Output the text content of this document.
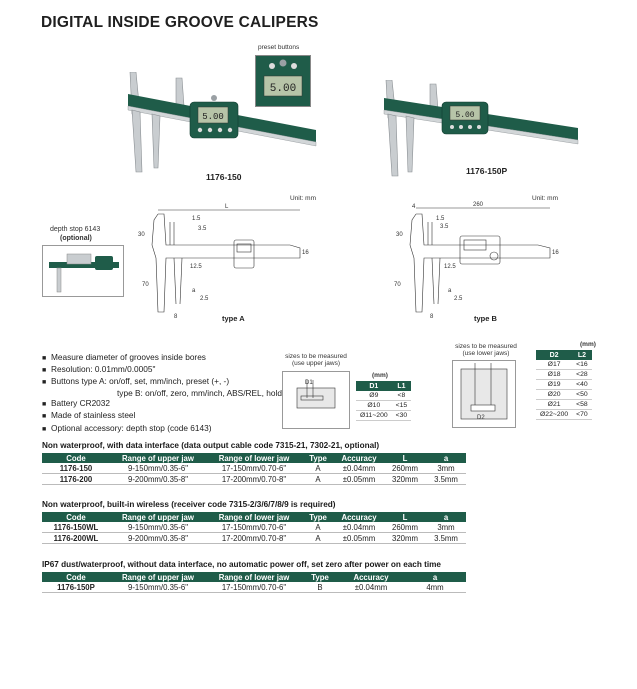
DIGITAL INSIDE GROOVE CALIPERS
5.00
preset buttons
5.00
1176-150
5.00
1176-150P
Unit: mm
L
30
1.5
3.5
16
12.5
70
a
2.5
8	type A
depth stop 6143
(optional)
Unit: mm
260
4
30
1.5
3.5
16
12.5
70
a
2.5
8	type B
■ Measure diameter of grooves inside bores
■ Resolution: 0.01mm/0.0005"
■ Buttons type A: on/off, set, mm/inch, preset (+, -)
type B: on/off, zero, mm/inch, ABS/REL, hold
■ Battery CR2032
■ Made of stainless steel
■ Optional accessory: depth stop (code 6143)
sizes to be measured
(use upper jaws)
D1
(mm)
D1	L1
Ø9	<8
Ø10	<15
Ø11~200	<30
sizes to be measured
(use lower jaws)
D2
(mm)
D2	L2
Ø17	<16
Ø18	<28
Ø19	<40
Ø20	<50
Ø21	<58
Ø22~200	<70
Non waterproof, with data interface (data output cable code 7315-21, 7302-21, optional)
Code	Range of upper jaw	Range of lower jaw	Type	Accuracy	L	a
1176-150	9-150mm/0.35-6"	17-150mm/0.70-6"	A	±0.04mm	260mm	3mm
1176-200	9-200mm/0.35-8"	17-200mm/0.70-8"	A	±0.05mm	320mm	3.5mm
Non waterproof, built-in wireless (receiver code 7315-2/3/6/7/8/9 is required)
Code	Range of upper jaw	Range of lower jaw	Type	Accuracy	L	a
1176-150WL	9-150mm/0.35-6"	17-150mm/0.70-6"	A	±0.04mm	260mm	3mm
1176-200WL	9-200mm/0.35-8"	17-200mm/0.70-8"	A	±0.05mm	320mm	3.5mm
IP67 dust/waterproof, without data interface, no automatic power off, set zero after power on each time
Code	Range of upper jaw	Range of lower jaw	Type	Accuracy	a
1176-150P	9-150mm/0.35-6"	17-150mm/0.70-6"	B	±0.04mm	4mm
